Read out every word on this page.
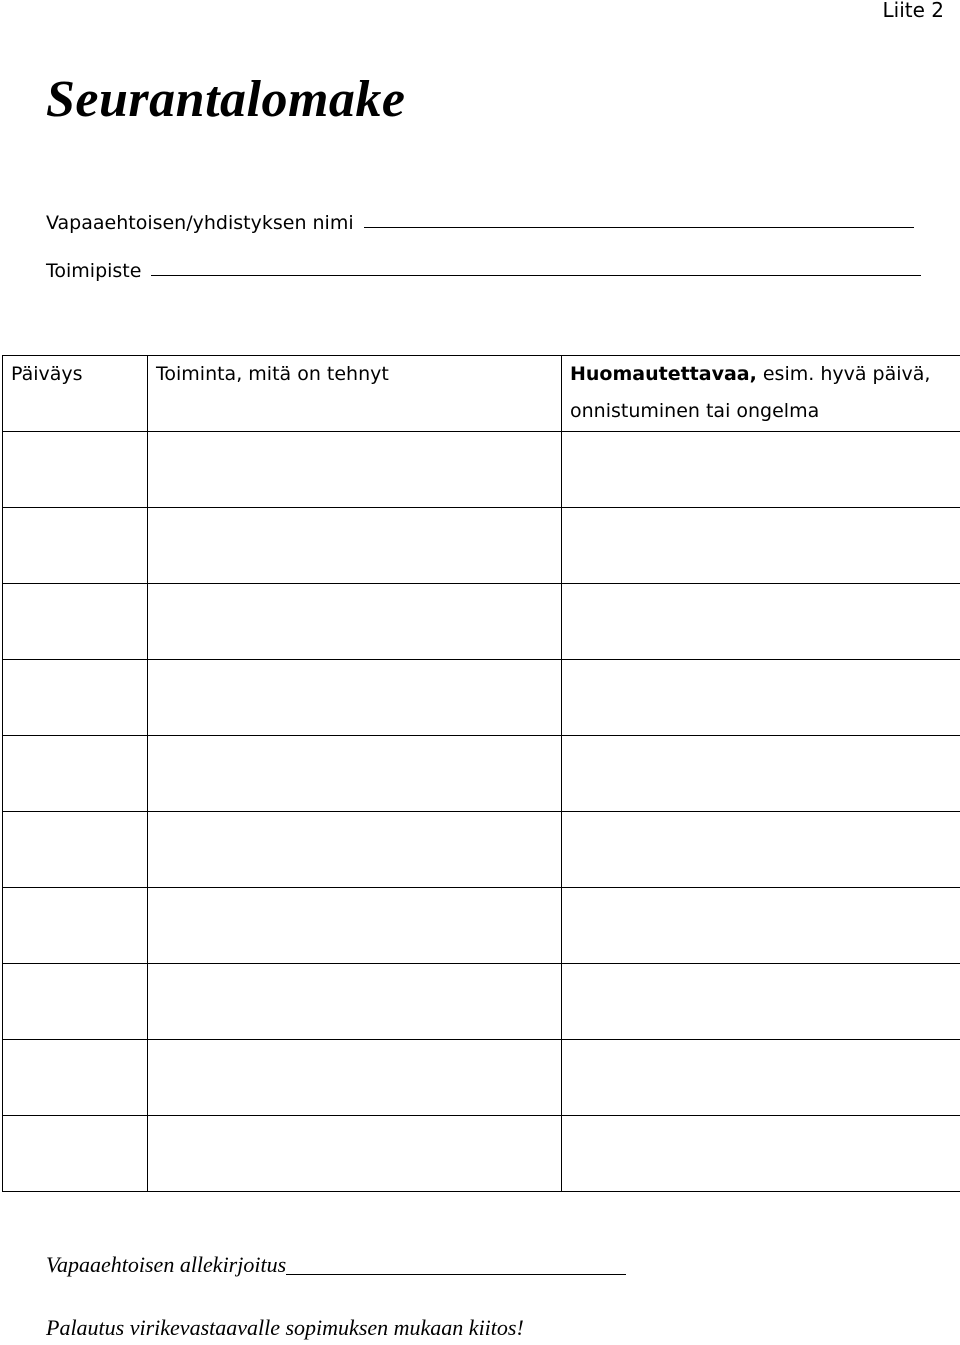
Liite 2
Seurantalomake
Vapaaehtoisen/yhdistyksen nimi
Toimipiste
Päiväys	Toiminta, mitä on tehnyt	Huomautettavaa, esim. hyvä päivä, onnistuminen tai ongelma

Vapaaehtoisen allekirjoitus
Palautus virikevastaavalle sopimuksen mukaan kiitos!
